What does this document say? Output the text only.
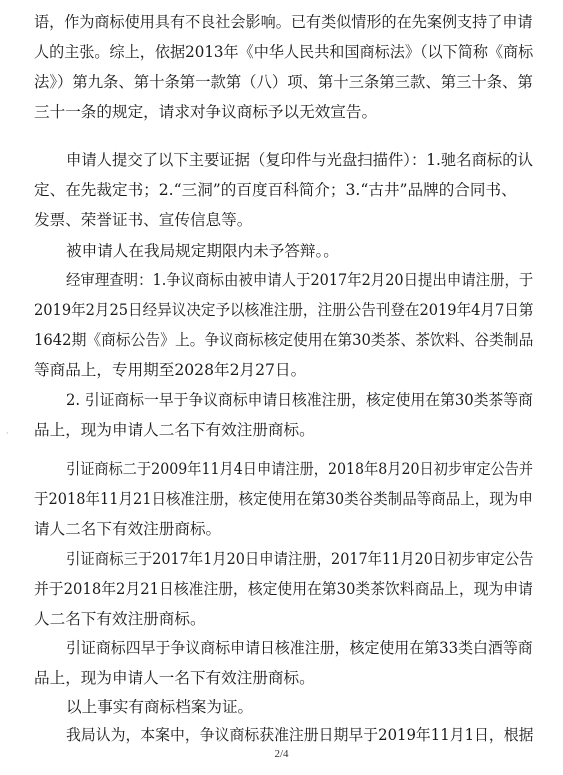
语，作为商标使用具有不良社会影响。已有类似情形的在先案例支持了申请
人的主张。综上，依据2013年《中华人民共和国商标法》（以下简称《商标
法》）第九条、第十条第一款第（八）项、第十三条第三款、第三十条、第
三十一条的规定，请求对争议商标予以无效宣告。
申请人提交了以下主要证据（复印件与光盘扫描件）：1.驰名商标的认
定、在先裁定书；2.“三洞”的百度百科简介；3.“古井”品牌的合同书、
发票、荣誉证书、宣传信息等。
被申请人在我局规定期限内未予答辩。。
经审理查明：1.争议商标由被申请人于2017年2月20日提出申请注册，于
2019年2月25日经异议决定予以核准注册，注册公告刊登在2019年4月7日第
1642期《商标公告》上。争议商标核定使用在第30类茶、茶饮料、谷类制品
等商品上，专用期至2028年2月27日。
2. 引证商标一早于争议商标申请日核准注册，核定使用在第30类茶等商
品上，现为申请人二名下有效注册商标。
引证商标二于2009年11月4日申请注册，2018年8月20日初步审定公告并
于2018年11月21日核准注册，核定使用在第30类谷类制品等商品上，现为申
请人二名下有效注册商标。
引证商标三于2017年1月20日申请注册，2017年11月20日初步审定公告
并于2018年2月21日核准注册，核定使用在第30类茶饮料商品上，现为申请
人二名下有效注册商标。
引证商标四早于争议商标申请日核准注册，核定使用在第33类白酒等商
品上，现为申请人一名下有效注册商标。
以上事实有商标档案为证。
我局认为，本案中，争议商标获准注册日期早于2019年11月1日，根据
·
2/4
